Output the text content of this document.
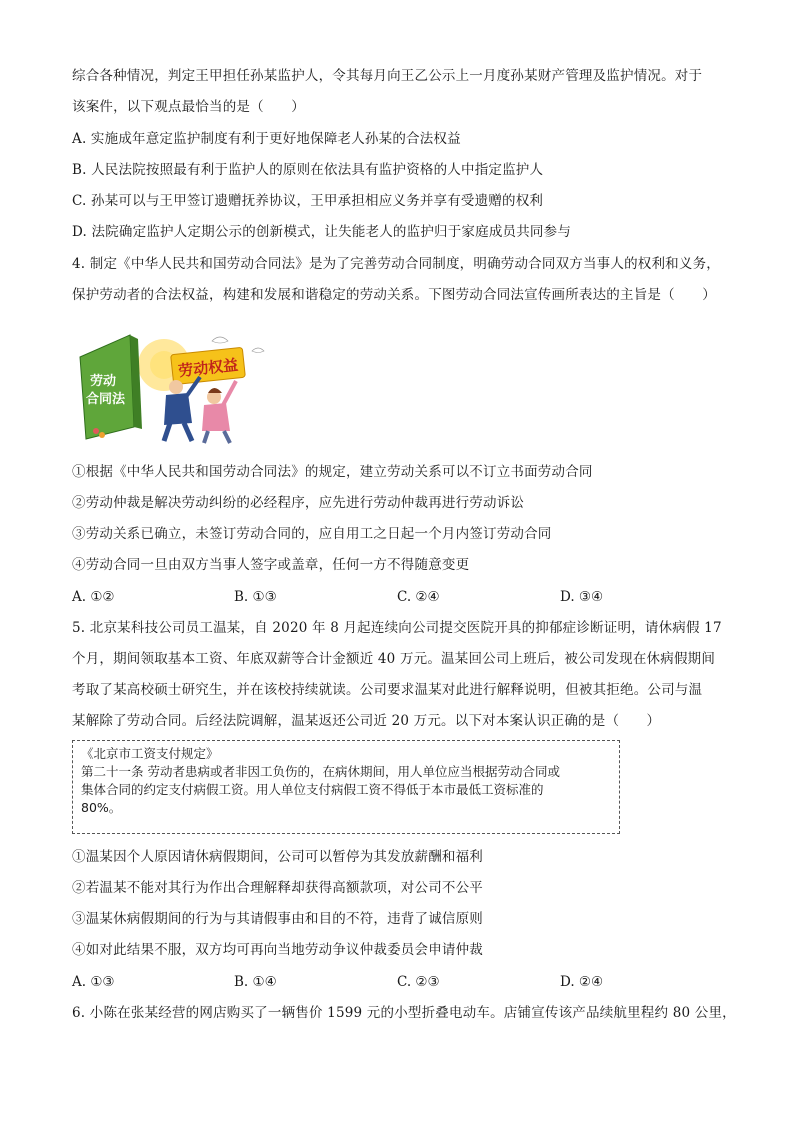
综合各种情况，判定王甲担任孙某监护人，令其每月向王乙公示上一月度孙某财产管理及监护情况。对于
该案件，以下观点最恰当的是（　　）
A. 实施成年意定监护制度有利于更好地保障老人孙某的合法权益
B. 人民法院按照最有利于监护人的原则在依法具有监护资格的人中指定监护人
C. 孙某可以与王甲签订遗赠抚养协议，王甲承担相应义务并享有受遗赠的权利
D. 法院确定监护人定期公示的创新模式，让失能老人的监护归于家庭成员共同参与
4. 制定《中华人民共和国劳动合同法》是为了完善劳动合同制度，明确劳动合同双方当事人的权利和义务，
保护劳动者的合法权益，构建和发展和谐稳定的劳动关系。下图劳动合同法宣传画所表达的主旨是（　　）
劳动
合同法
劳动权益
①根据《中华人民共和国劳动合同法》的规定，建立劳动关系可以不订立书面劳动合同
②劳动仲裁是解决劳动纠纷的必经程序，应先进行劳动仲裁再进行劳动诉讼
③劳动关系已确立，未签订劳动合同的，应自用工之日起一个月内签订劳动合同
④劳动合同一旦由双方当事人签字或盖章，任何一方不得随意变更
A. ①②	B. ①③	C. ②④	D. ③④
5. 北京某科技公司员工温某，自 2020 年 8 月起连续向公司提交医院开具的抑郁症诊断证明，请休病假 17
个月，期间领取基本工资、年底双薪等合计金额近 40 万元。温某回公司上班后，被公司发现在休病假期间
考取了某高校硕士研究生，并在该校持续就读。公司要求温某对此进行解释说明，但被其拒绝。公司与温
某解除了劳动合同。后经法院调解，温某返还公司近 20 万元。以下对本案认识正确的是（　　）
《北京市工资支付规定》
第二十一条 劳动者患病或者非因工负伤的，在病休期间，用人单位应当根据劳动合同或
集体合同的约定支付病假工资。用人单位支付病假工资不得低于本市最低工资标准的
80%。
①温某因个人原因请休病假期间，公司可以暂停为其发放薪酬和福利
②若温某不能对其行为作出合理解释却获得高额款项，对公司不公平
③温某休病假期间的行为与其请假事由和目的不符，违背了诚信原则
④如对此结果不服，双方均可再向当地劳动争议仲裁委员会申请仲裁
A. ①③	B. ①④	C. ②③	D. ②④
6. 小陈在张某经营的网店购买了一辆售价 1599 元的小型折叠电动车。店铺宣传该产品续航里程约 80 公里，
